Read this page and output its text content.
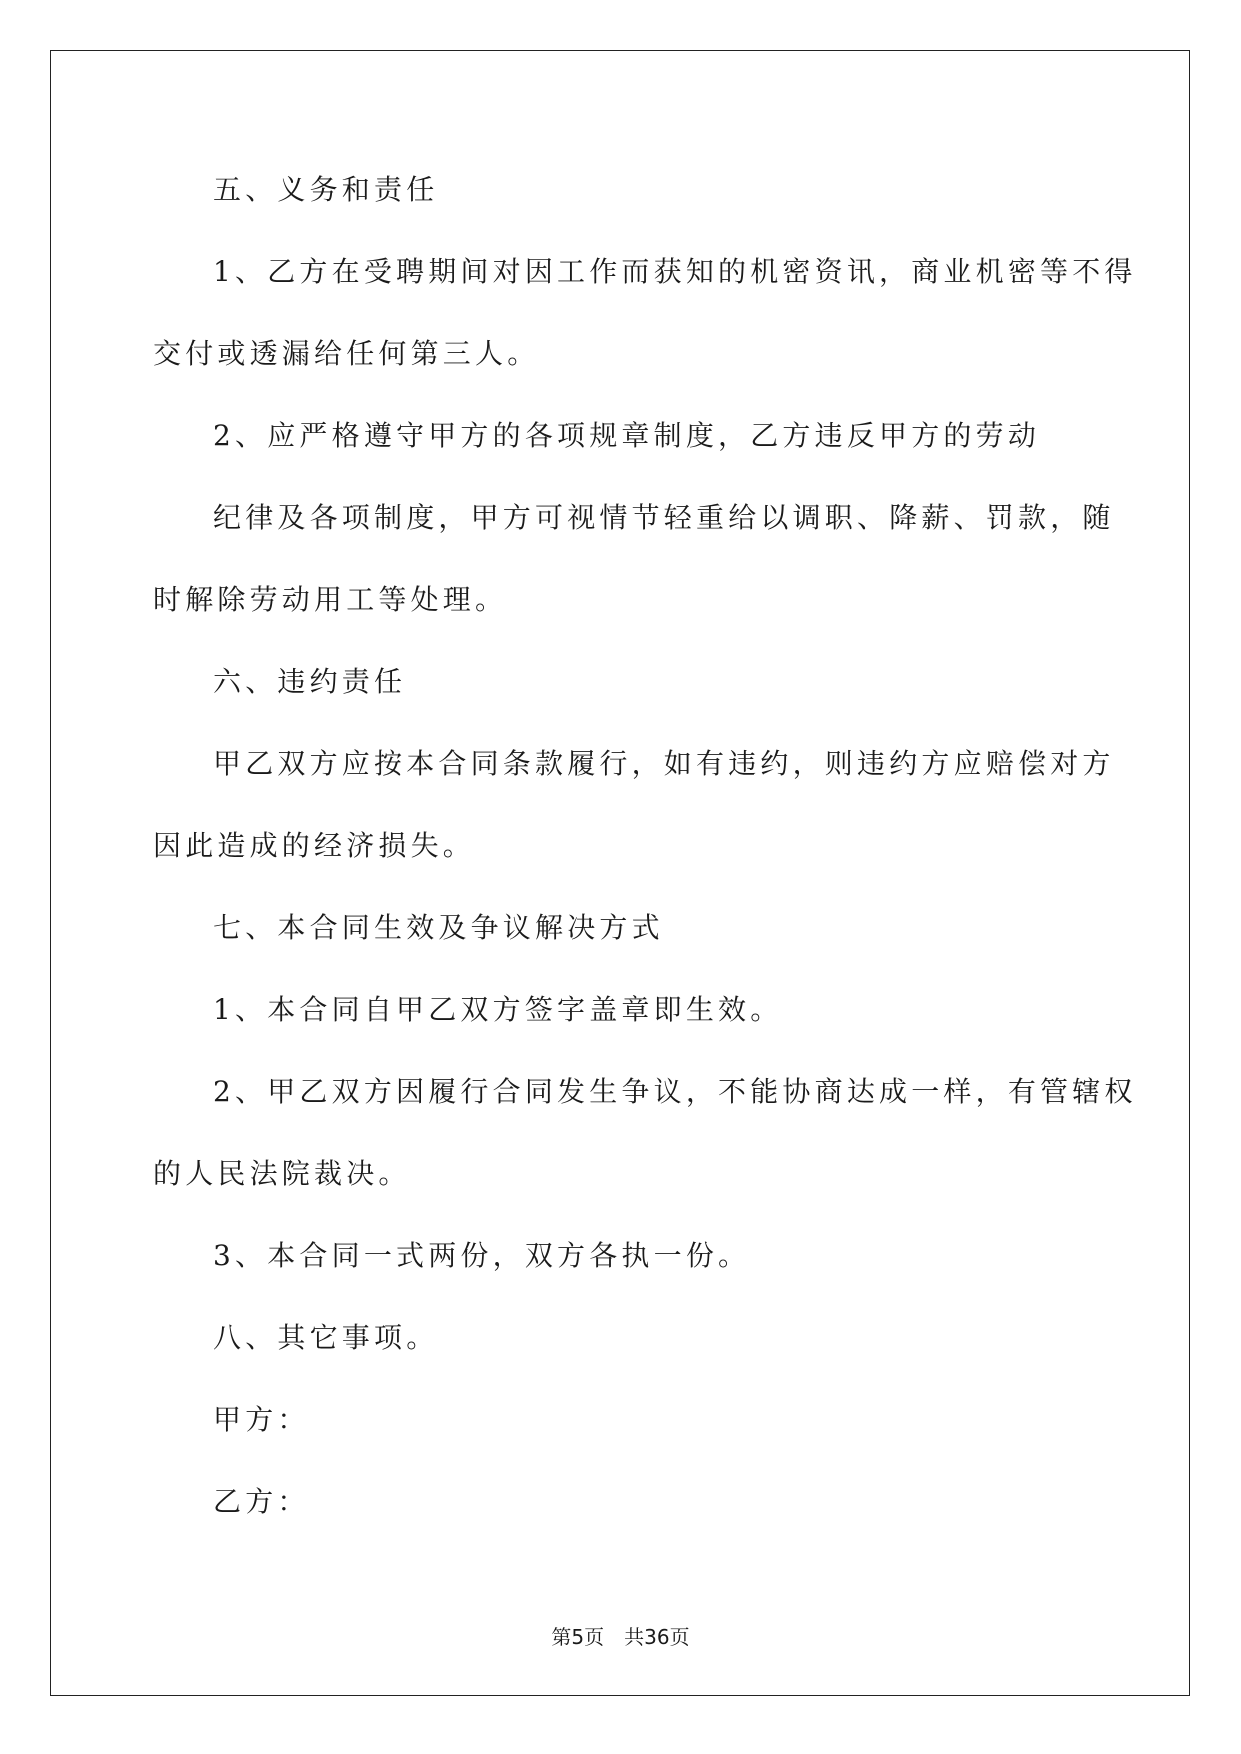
五、义务和责任
1、乙方在受聘期间对因工作而获知的机密资讯，商业机密等不得
交付或透漏给任何第三人。
2、应严格遵守甲方的各项规章制度，乙方违反甲方的劳动
纪律及各项制度，甲方可视情节轻重给以调职、降薪、罚款，随
时解除劳动用工等处理。
六、违约责任
甲乙双方应按本合同条款履行，如有违约，则违约方应赔偿对方
因此造成的经济损失。
七、本合同生效及争议解决方式
1、本合同自甲乙双方签字盖章即生效。
2、甲乙双方因履行合同发生争议，不能协商达成一样，有管辖权
的人民法院裁决。
3、本合同一式两份，双方各执一份。
八、其它事项。
甲方：
乙方：
第5页 共36页
